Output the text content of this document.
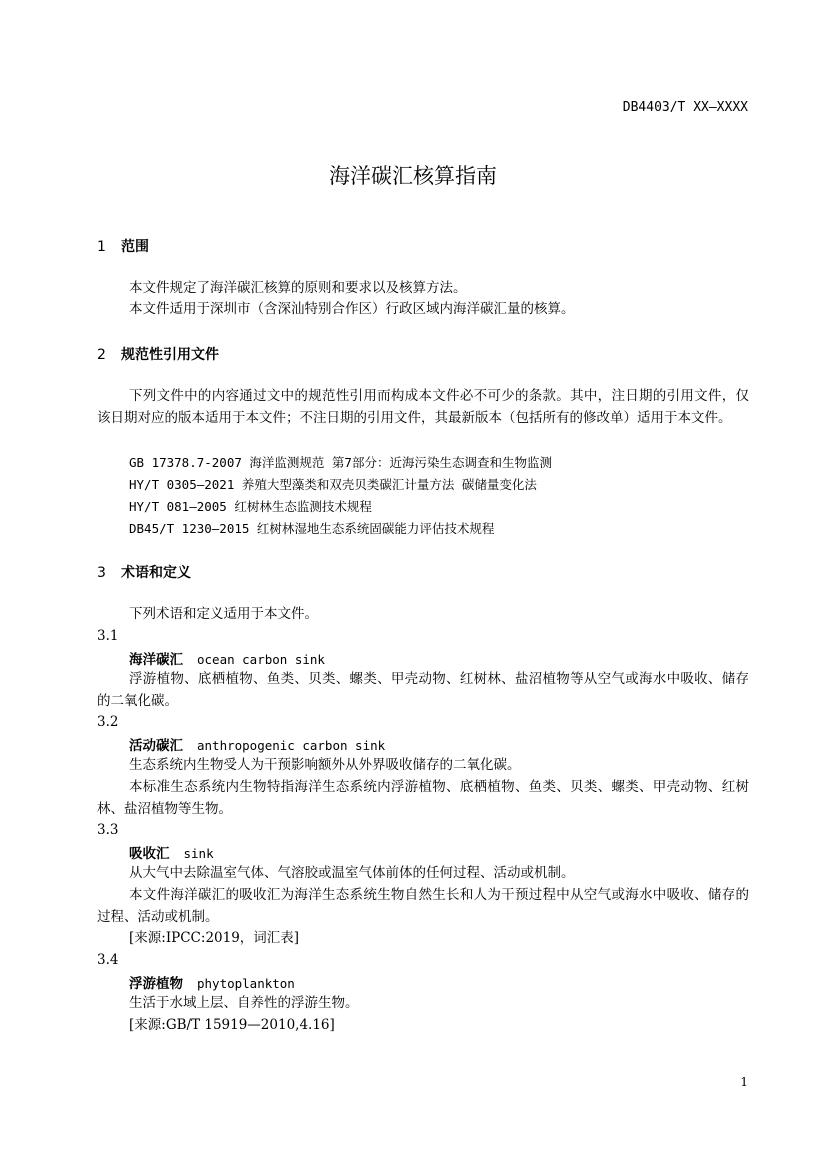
DB4403/T XX—XXXX
海洋碳汇核算指南
1 范围
本文件规定了海洋碳汇核算的原则和要求以及核算方法。
本文件适用于深圳市（含深汕特别合作区）行政区域内海洋碳汇量的核算。
2 规范性引用文件
下列文件中的内容通过文中的规范性引用而构成本文件必不可少的条款。其中，注日期的引用文件，仅该日期对应的版本适用于本文件；不注日期的引用文件，其最新版本（包括所有的修改单）适用于本文件。
GB 17378.7-2007 海洋监测规范 第7部分：近海污染生态调查和生物监测
HY/T 0305—2021 养殖大型藻类和双壳贝类碳汇计量方法 碳储量变化法
HY/T 081—2005 红树林生态监测技术规程
DB45/T 1230—2015 红树林湿地生态系统固碳能力评估技术规程
3 术语和定义
下列术语和定义适用于本文件。
3.1
海洋碳汇 ocean carbon sink
浮游植物、底栖植物、鱼类、贝类、螺类、甲壳动物、红树林、盐沼植物等从空气或海水中吸收、储存的二氧化碳。
3.2
活动碳汇 anthropogenic carbon sink
生态系统内生物受人为干预影响额外从外界吸收储存的二氧化碳。
本标准生态系统内生物特指海洋生态系统内浮游植物、底栖植物、鱼类、贝类、螺类、甲壳动物、红树林、盐沼植物等生物。
3.3
吸收汇 sink
从大气中去除温室气体、气溶胶或温室气体前体的任何过程、活动或机制。
本文件海洋碳汇的吸收汇为海洋生态系统生物自然生长和人为干预过程中从空气或海水中吸收、储存的过程、活动或机制。
[来源:IPCC:2019，词汇表]
3.4
浮游植物 phytoplankton
生活于水域上层、自养性的浮游生物。
[来源:GB/T 15919—2010,4.16]
1
